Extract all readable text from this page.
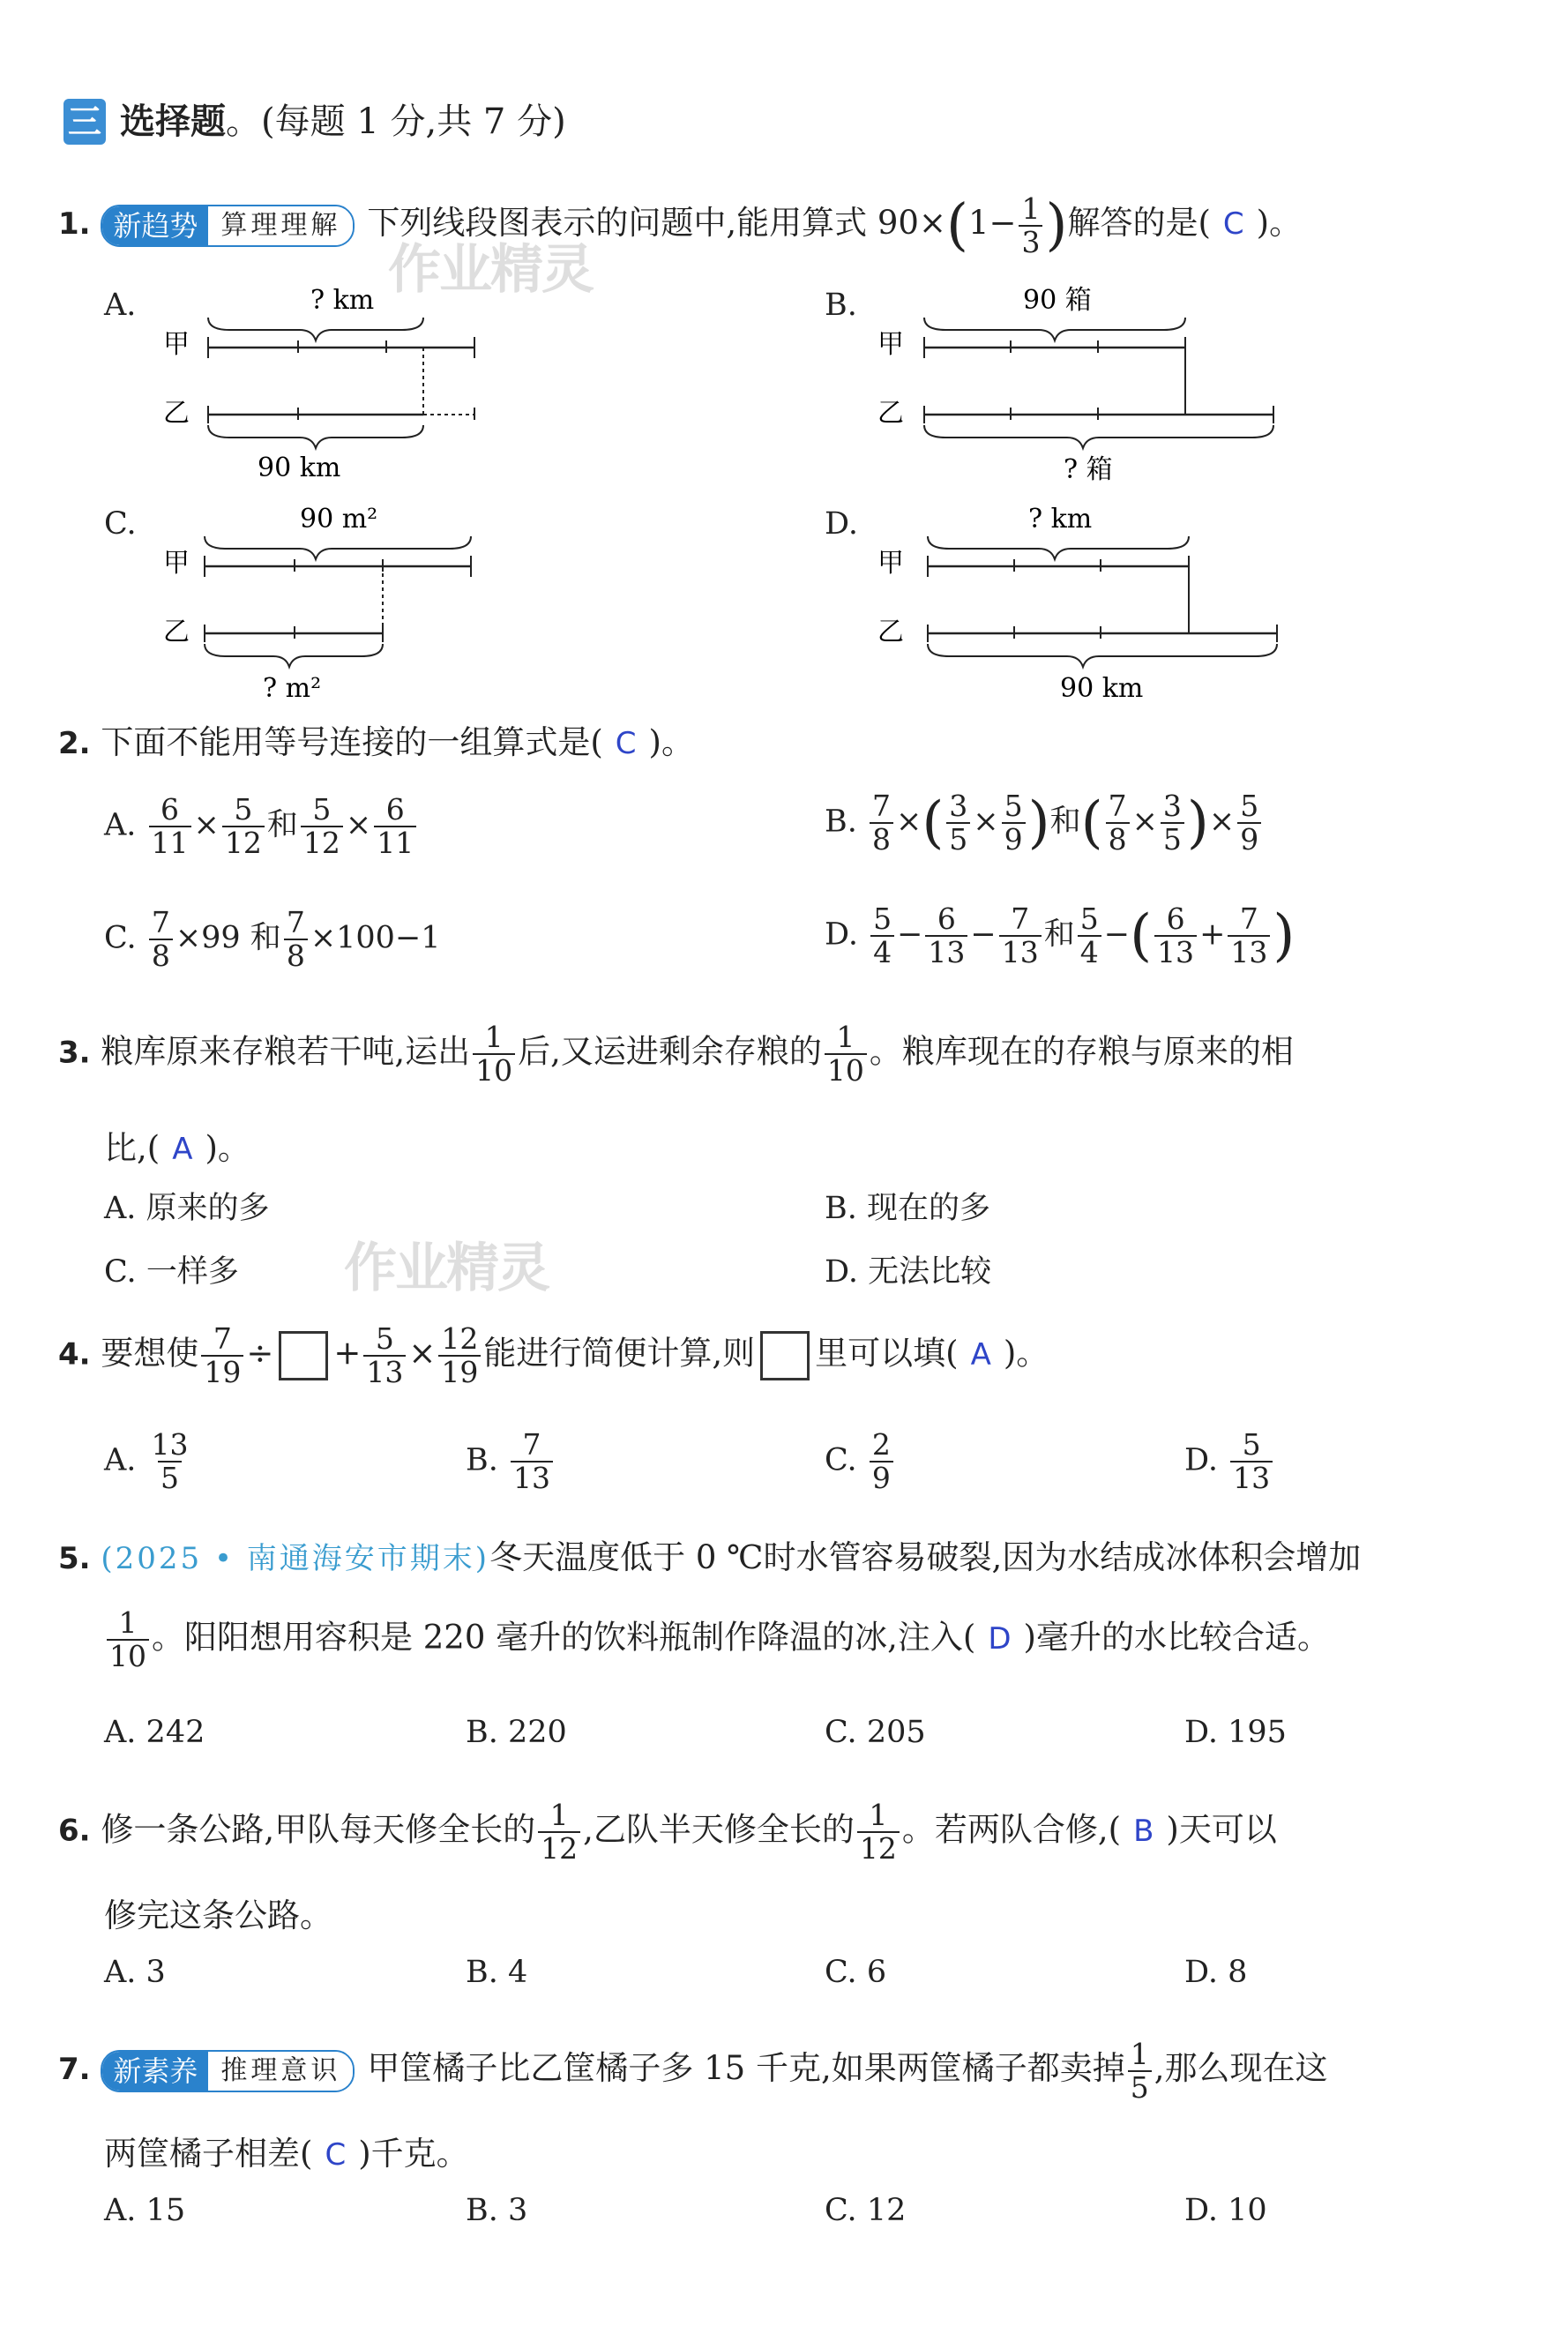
三 选择题。(每题 1 分,共 7 分)
作业精灵
作业精灵
1. 新趋势 算理理解 下列线段图表示的问题中,能用算式 $90\times(1- \frac{1}{3}$ )解答的是( C )。
A.
甲
乙
? km
90 km
B.
甲
乙
90 箱
? 箱
C.
甲
乙
90 m²
? m²
D.
甲
乙
? km
90 km
2. 下面不能用等号连接的一组算式是( C )。
A. $\frac{6}{11} \times \frac{5}{12}$ 和 $\frac{5}{12} \times \frac{6}{11}$	B. $\frac{7}{8}$ ×( $\frac{3}{5} \times \frac{5}{9}$ )和( $\frac{7}{8} \times \frac{3}{5}$ )× $\frac{5}{9}$
C. $\frac{7}{8} \times 99$ 和 $\frac{7}{8} \times 100-1$	D. $\frac{5}{4} - \frac{6}{13} - \frac{7}{13}$ 和 $\frac{5}{4}$ −( $\frac{6}{13} + \frac{7}{13}$ )
3. 粮库原来存粮若干吨,运出 $\frac{1}{10}$ 后,又运进剩余存粮的 $\frac{1}{10}$ 。粮库现在的存粮与原来的相
比,( A )。
A. 原来的多	B. 现在的多
C. 一样多	D. 无法比较
4. 要想使 $\frac{7}{19}$ ÷ + $\frac{5}{13} \times \frac{12}{19}$ 能进行简便计算,则 里可以填( A )。
A. $\frac{13}{5}$	B. $\frac{7}{13}$	C. $\frac{2}{9}$	D. $\frac{5}{13}$
5. (2025 • 南通海安市期末)冬天温度低于 0 ℃时水管容易破裂,因为水结成冰体积会增加
$\frac{1}{10}$ 。阳阳想用容积是 220 毫升的饮料瓶制作降温的冰,注入( D )毫升的水比较合适。
A. 242	B. 220	C. 205	D. 195
6. 修一条公路,甲队每天修全长的 $\frac{1}{12}$ ,乙队半天修全长的 $\frac{1}{12}$ 。若两队合修,( B )天可以
修完这条公路。
A. 3	B. 4	C. 6	D. 8
7. 新素养 推理意识 甲筐橘子比乙筐橘子多 15 千克,如果两筐橘子都卖掉 $\frac{1}{5}$ ,那么现在这
两筐橘子相差( C )千克。
A. 15	B. 3	C. 12	D. 10
